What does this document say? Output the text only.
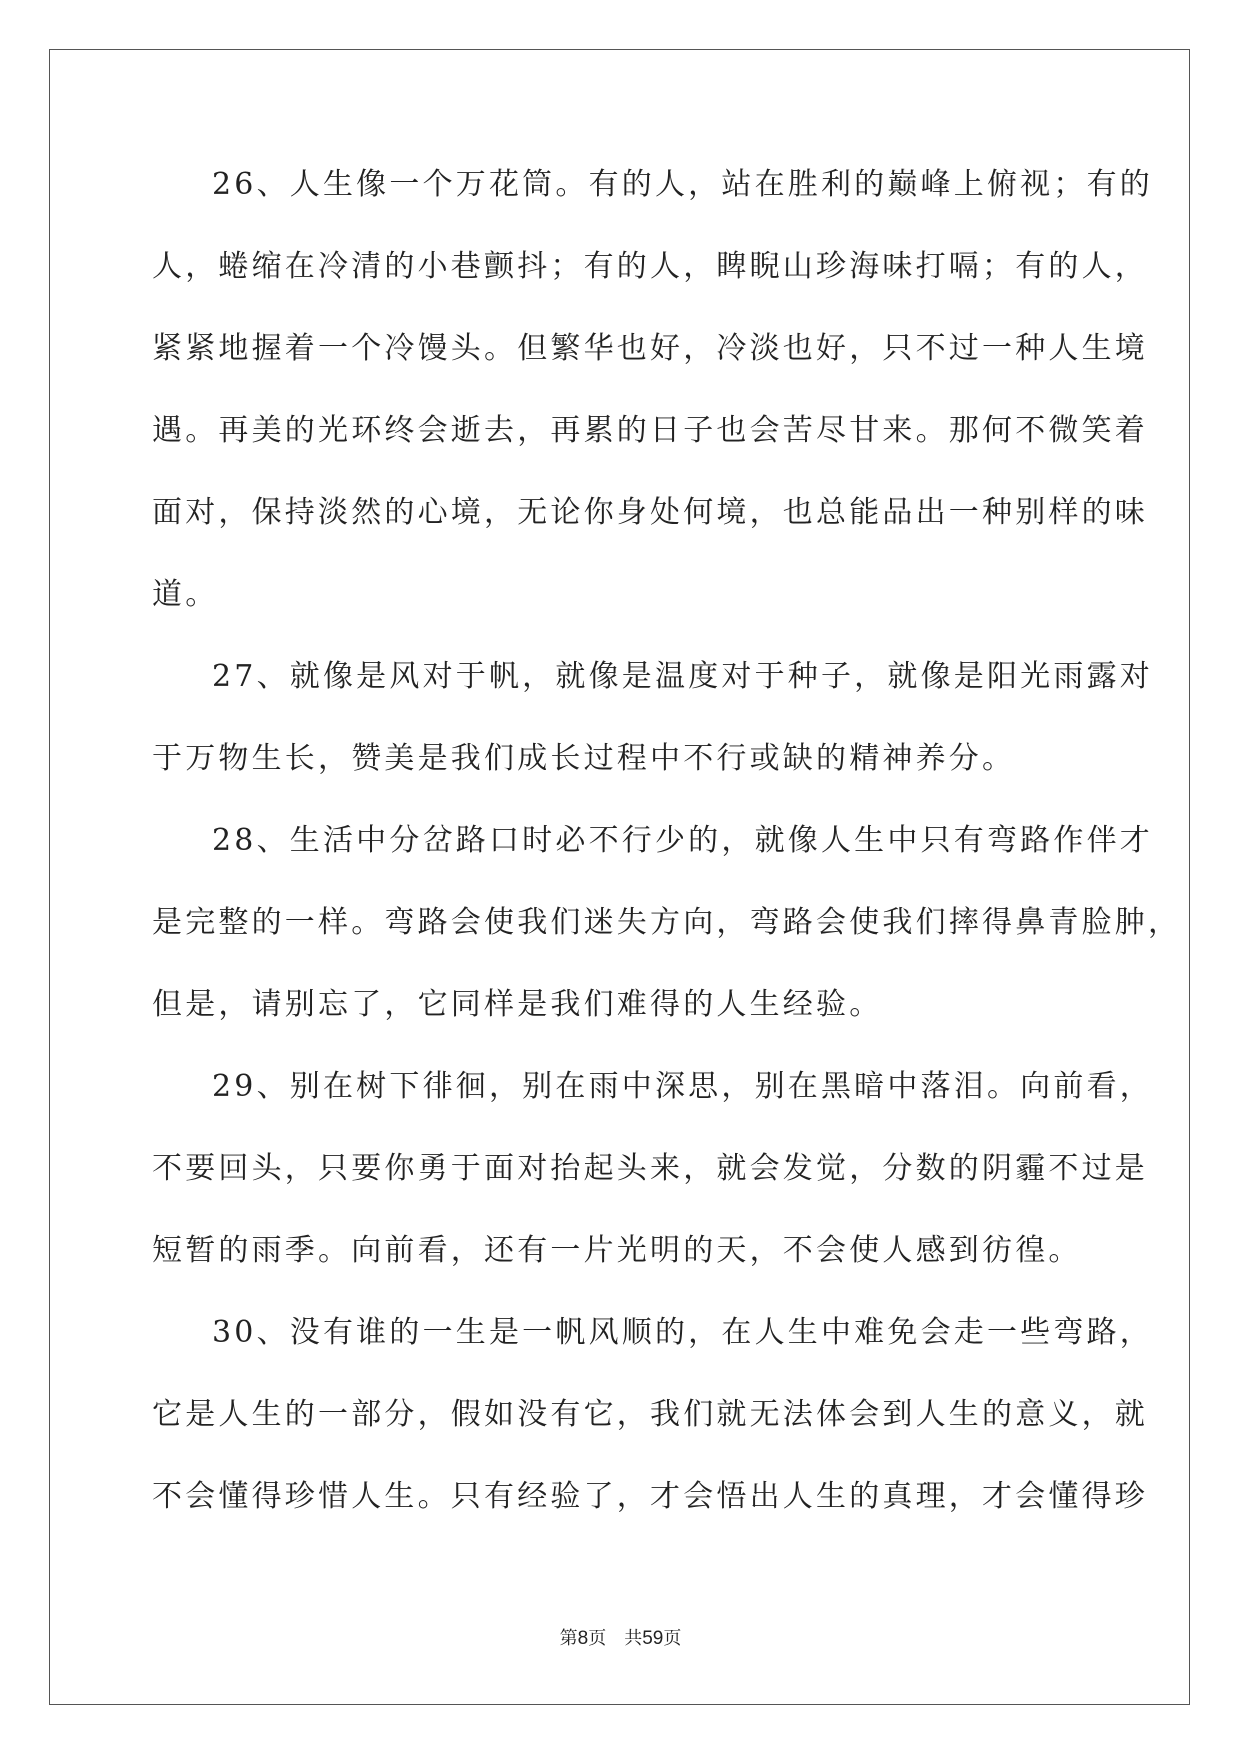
26、人生像一个万花筒。有的人，站在胜利的巅峰上俯视；有的
人，蜷缩在冷清的小巷颤抖；有的人，睥睨山珍海味打嗝；有的人，
紧紧地握着一个冷馒头。但繁华也好，冷淡也好，只不过一种人生境
遇。再美的光环终会逝去，再累的日子也会苦尽甘来。那何不微笑着
面对，保持淡然的心境，无论你身处何境，也总能品出一种别样的味
道。
27、就像是风对于帆，就像是温度对于种子，就像是阳光雨露对
于万物生长，赞美是我们成长过程中不行或缺的精神养分。
28、生活中分岔路口时必不行少的，就像人生中只有弯路作伴才
是完整的一样。弯路会使我们迷失方向，弯路会使我们摔得鼻青脸肿，
但是，请别忘了，它同样是我们难得的人生经验。
29、别在树下徘徊，别在雨中深思，别在黑暗中落泪。向前看，
不要回头，只要你勇于面对抬起头来，就会发觉，分数的阴霾不过是
短暂的雨季。向前看，还有一片光明的天，不会使人感到彷徨。
30、没有谁的一生是一帆风顺的，在人生中难免会走一些弯路，
它是人生的一部分，假如没有它，我们就无法体会到人生的意义，就
不会懂得珍惜人生。只有经验了，才会悟出人生的真理，才会懂得珍
第8页 共59页
